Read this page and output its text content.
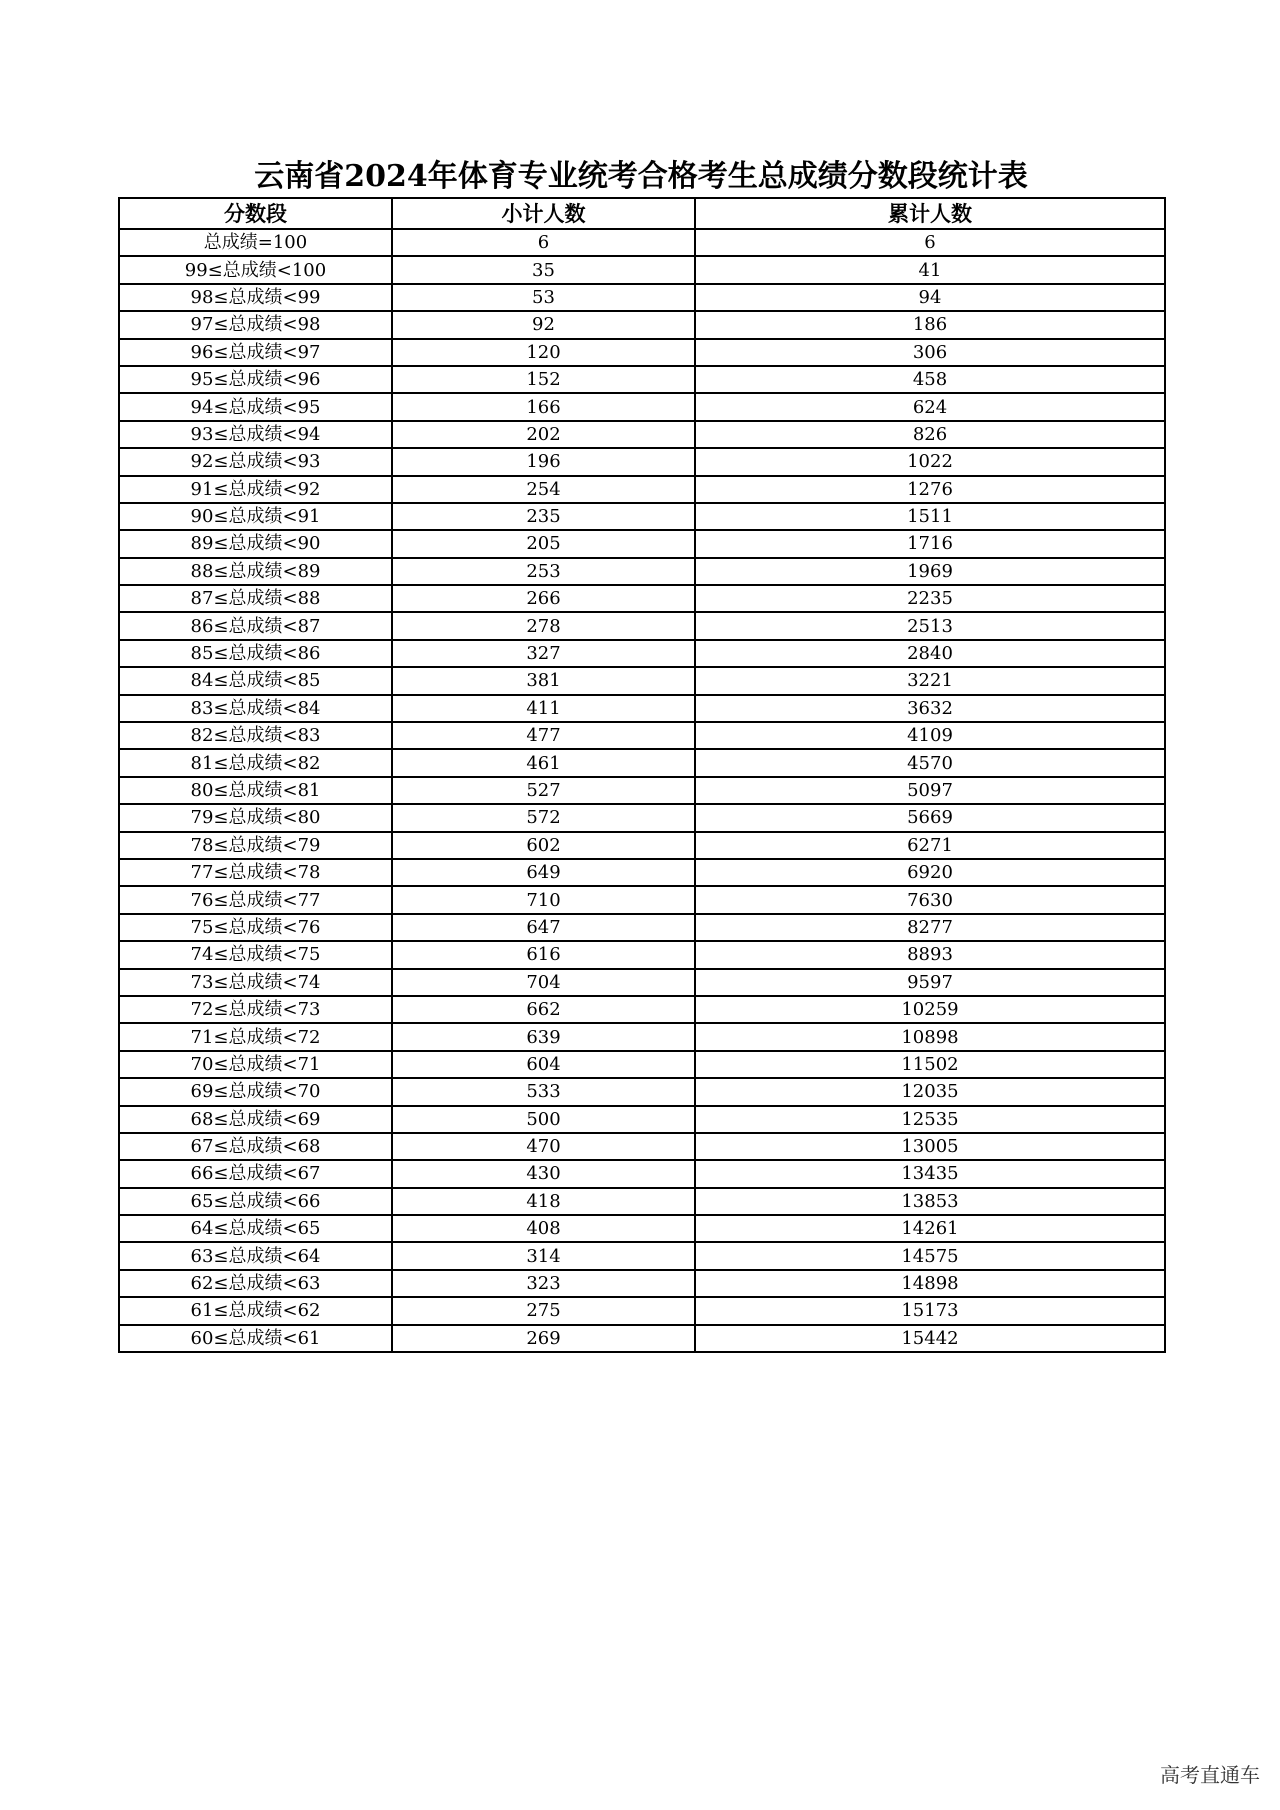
云南省2024年体育专业统考合格考生总成绩分数段统计表
分数段	小计人数	累计人数
总成绩=100	6	6
99≤总成绩<100	35	41
98≤总成绩<99	53	94
97≤总成绩<98	92	186
96≤总成绩<97	120	306
95≤总成绩<96	152	458
94≤总成绩<95	166	624
93≤总成绩<94	202	826
92≤总成绩<93	196	1022
91≤总成绩<92	254	1276
90≤总成绩<91	235	1511
89≤总成绩<90	205	1716
88≤总成绩<89	253	1969
87≤总成绩<88	266	2235
86≤总成绩<87	278	2513
85≤总成绩<86	327	2840
84≤总成绩<85	381	3221
83≤总成绩<84	411	3632
82≤总成绩<83	477	4109
81≤总成绩<82	461	4570
80≤总成绩<81	527	5097
79≤总成绩<80	572	5669
78≤总成绩<79	602	6271
77≤总成绩<78	649	6920
76≤总成绩<77	710	7630
75≤总成绩<76	647	8277
74≤总成绩<75	616	8893
73≤总成绩<74	704	9597
72≤总成绩<73	662	10259
71≤总成绩<72	639	10898
70≤总成绩<71	604	11502
69≤总成绩<70	533	12035
68≤总成绩<69	500	12535
67≤总成绩<68	470	13005
66≤总成绩<67	430	13435
65≤总成绩<66	418	13853
64≤总成绩<65	408	14261
63≤总成绩<64	314	14575
62≤总成绩<63	323	14898
61≤总成绩<62	275	15173
60≤总成绩<61	269	15442
高考直通车
